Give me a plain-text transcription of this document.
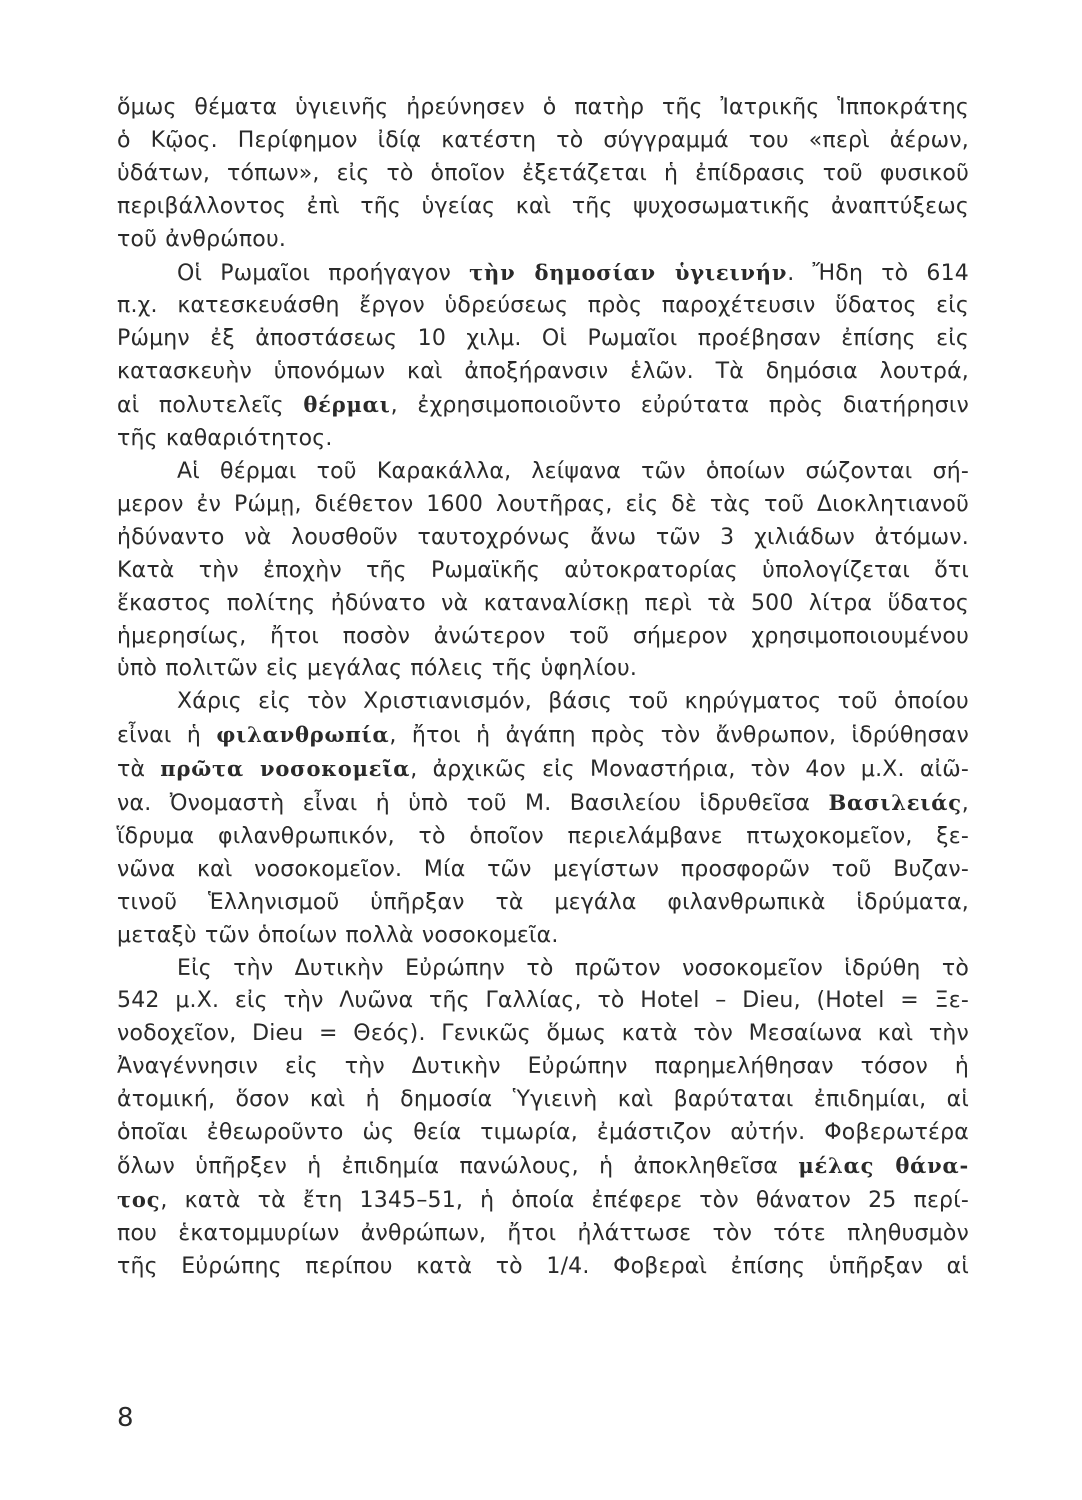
ὅμως θέματα ὑγιεινῆς ἠρεύνησεν ὁ πατὴρ τῆς Ἰατρικῆς Ἱπποκράτης
ὁ Κῷος. Περίφημον ἰδίᾳ κατέστη τὸ σύγγραμμά του «περὶ ἀέρων,
ὑδάτων, τόπων», εἰς τὸ ὁποῖον ἐξετάζεται ἡ ἐπίδρασις τοῦ φυσικοῦ
περιβάλλοντος ἐπὶ τῆς ὑγείας καὶ τῆς ψυχοσωματικῆς ἀναπτύξεως
τοῦ ἀνθρώπου.
Οἱ Ρωμαῖοι προήγαγον τὴν δημοσίαν ὑγιεινήν. Ἤδη τὸ 614
π.χ. κατεσκευάσθη ἔργον ὑδρεύσεως πρὸς παροχέτευσιν ὕδατος εἰς
Ρώμην ἐξ ἀποστάσεως 10 χιλμ. Οἱ Ρωμαῖοι προέβησαν ἐπίσης εἰς
κατασκευὴν ὑπονόμων καὶ ἀποξήρανσιν ἑλῶν. Τὰ δημόσια λουτρά,
αἱ πολυτελεῖς θέρμαι, ἐχρησιμοποιοῦντο εὐρύτατα πρὸς διατήρησιν
τῆς καθαριότητος.
Αἱ θέρμαι τοῦ Καρακάλλα, λείψανα τῶν ὁποίων σώζονται σή-
μερον ἐν Ρώμῃ, διέθετον 1600 λουτῆρας, εἰς δὲ τὰς τοῦ Διοκλητιανοῦ
ἠδύναντο νὰ λουσθοῦν ταυτοχρόνως ἄνω τῶν 3 χιλιάδων ἀτόμων.
Κατὰ τὴν ἐποχὴν τῆς Ρωμαϊκῆς αὐτοκρατορίας ὑπολογίζεται ὅτι
ἕκαστος πολίτης ἠδύνατο νὰ καταναλίσκῃ περὶ τὰ 500 λίτρα ὕδατος
ἡμερησίως, ἤτοι ποσὸν ἀνώτερον τοῦ σήμερον χρησιμοποιουμένου
ὑπὸ πολιτῶν εἰς μεγάλας πόλεις τῆς ὑφηλίου.
Χάρις εἰς τὸν Χριστιανισμόν, βάσις τοῦ κηρύγματος τοῦ ὁποίου
εἶναι ἡ φιλανθρωπία, ἤτοι ἡ ἀγάπη πρὸς τὸν ἄνθρωπον, ἱδρύθησαν
τὰ πρῶτα νοσοκομεῖα, ἀρχικῶς εἰς Μοναστήρια, τὸν 4ον μ.Χ. αἰῶ-
να. Ὀνομαστὴ εἶναι ἡ ὑπὸ τοῦ Μ. Βασιλείου ἱδρυθεῖσα Βασιλειάς,
ἵδρυμα φιλανθρωπικόν, τὸ ὁποῖον περιελάμβανε πτωχοκομεῖον, ξε-
νῶνα καὶ νοσοκομεῖον. Μία τῶν μεγίστων προσφορῶν τοῦ Βυζαν-
τινοῦ Ἑλληνισμοῦ ὑπῆρξαν τὰ μεγάλα φιλανθρωπικὰ ἱδρύματα,
μεταξὺ τῶν ὁποίων πολλὰ νοσοκομεῖα.
Εἰς τὴν Δυτικὴν Εὐρώπην τὸ πρῶτον νοσοκομεῖον ἱδρύθη τὸ
542 μ.Χ. εἰς τὴν Λυῶνα τῆς Γαλλίας, τὸ Hotel – Dieu, (Hotel = Ξε-
νοδοχεῖον, Dieu = Θεός). Γενικῶς ὅμως κατὰ τὸν Μεσαίωνα καὶ τὴν
Ἀναγέννησιν εἰς τὴν Δυτικὴν Εὐρώπην παρημελήθησαν τόσον ἡ
ἀτομική, ὅσον καὶ ἡ δημοσία Ὑγιεινὴ καὶ βαρύταται ἐπιδημίαι, αἱ
ὁποῖαι ἐθεωροῦντο ὡς θεία τιμωρία, ἐμάστιζον αὐτήν. Φοβερωτέρα
ὅλων ὑπῆρξεν ἡ ἐπιδημία πανώλους, ἡ ἀποκληθεῖσα μέλας θάνα-
τος, κατὰ τὰ ἔτη 1345–51, ἡ ὁποία ἐπέφερε τὸν θάνατον 25 περί-
που ἑκατομμυρίων ἀνθρώπων, ἤτοι ἠλάττωσε τὸν τότε πληθυσμὸν
τῆς Εὐρώπης περίπου κατὰ τὸ 1/4. Φοβεραὶ ἐπίσης ὑπῆρξαν αἱ
8
